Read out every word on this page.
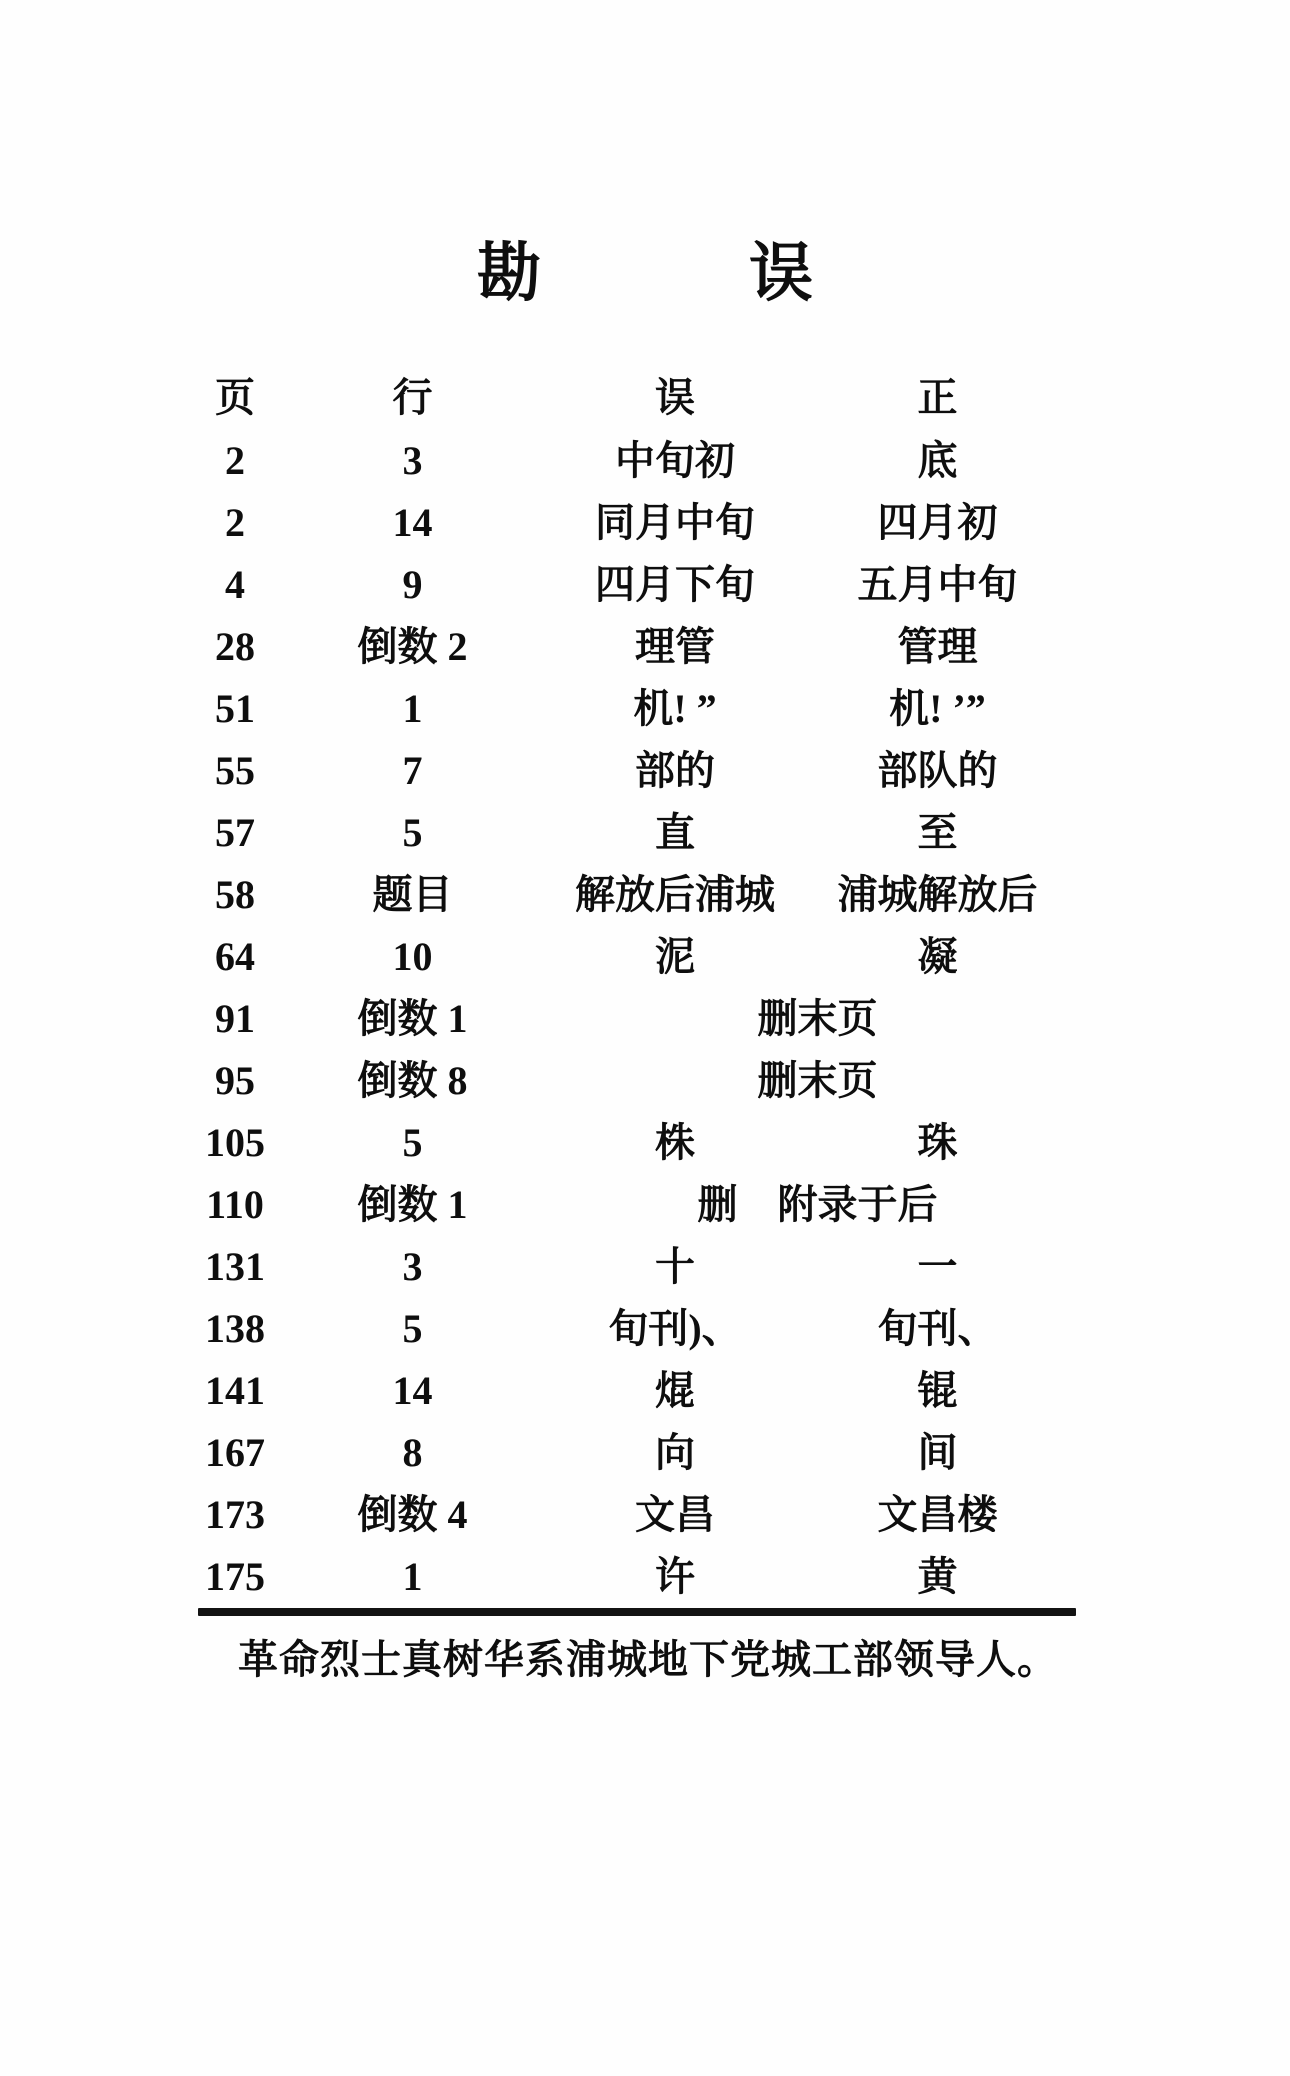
勘	误
页	行	误	正
2	3	中旬初	底
2	14	同月中旬	四月初
4	9	四月下旬	五月中旬
28	倒数 2	理管	管理
51	1	机! ”	机! ’”
55	7	部的	部队的
57	5	直	至
58	题目	解放后浦城	浦城解放后
64	10	泥	凝
91	倒数 1	删末页
95	倒数 8	删末页
105	5	株	珠
110	倒数 1	删　附录于后
131	3	十	一
138	5	旬刊)、	旬刊、
141	14	焜	锟
167	8	向	间
173	倒数 4	文昌	文昌楼
175	1	许	黄
革命烈士真树华系浦城地下党城工部领导人。
